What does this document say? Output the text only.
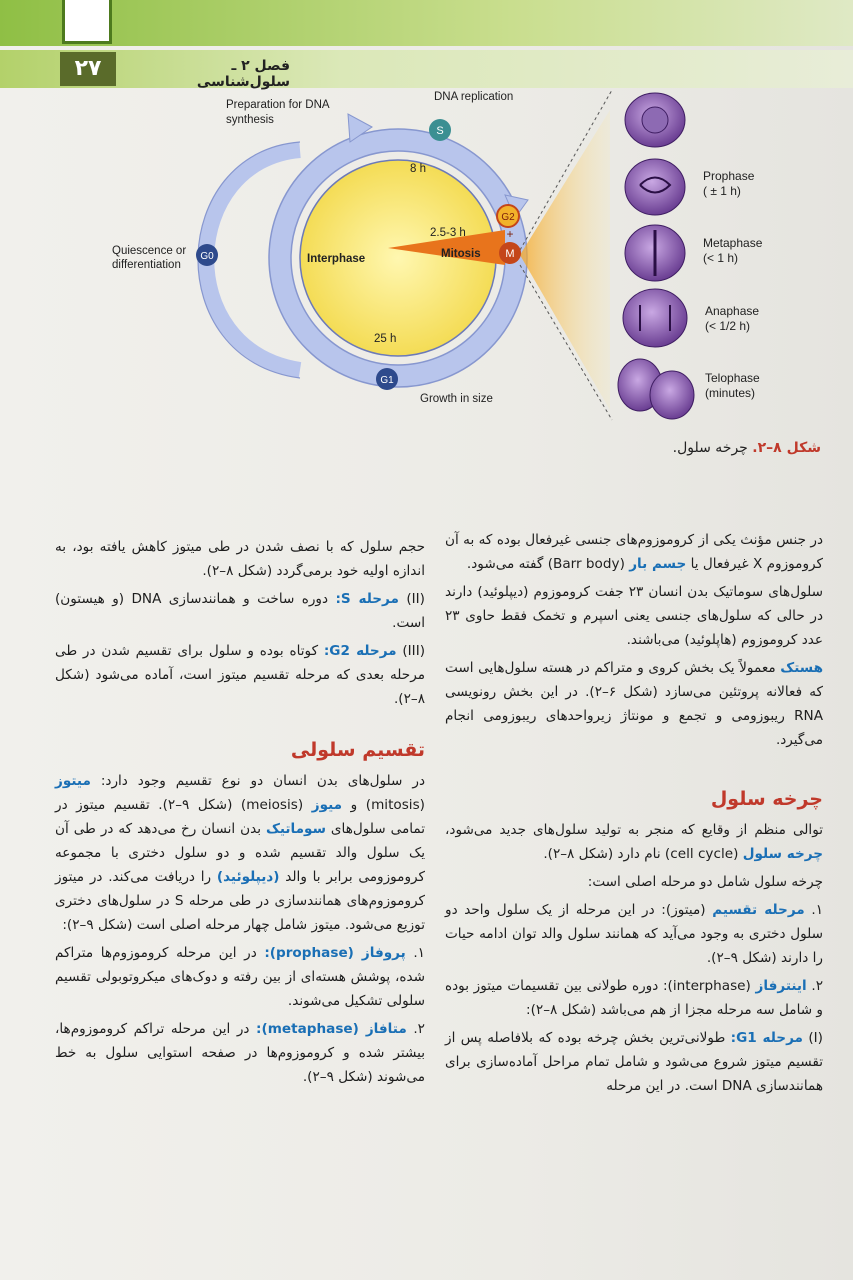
۲۷	فصل ۲ ـ سلول‌شناسی
S
G0
G1
G2
+
M
Preparation for DNA
synthesis
DNA replication
Quiescence or
differentiation
Growth in size
Interphase	Mitosis
8 h
2.5-3 h
25 h
Prophase
( ± 1 h)
Metaphase
(< 1 h)
Anaphase
(< 1/2 h)
Telophase
(minutes)
شکل ۸–۲. چرخه سلول.

در جنس مؤنث یکی از کروموزوم‌های جنسی غیرفعال بوده که به آن کروموزوم X غیرفعال یا جسم بار (Barr body) گفته می‌شود.

سلول‌های سوماتیک بدن انسان ۲۳ جفت کروموزوم (دیپلوئید) دارند در حالی که سلول‌های جنسی یعنی اسپرم و تخمک فقط حاوی ۲۳ عدد کروموزوم (هاپلوئید) می‌باشند.

هستک معمولاً یک بخش کروی و متراکم در هسته سلول‌هایی است که فعالانه پروتئین می‌سازد (شکل ۶–۲). در این بخش رونویسی RNA ریبوزومی و تجمع و مونتاژ زیرواحدهای ریبوزومی انجام می‌گیرد.

چرخه سلول

توالی منظم از وقایع که منجر به تولید سلول‌های جدید می‌شود، چرخه سلول (cell cycle) نام دارد (شکل ۸–۲).

چرخه سلول شامل دو مرحله اصلی است:

۱. مرحله تقسیم (میتوز): در این مرحله از یک سلول واحد دو سلول دختری به وجود می‌آید که همانند سلول والد توان ادامه حیات را دارند (شکل ۹–۲).

۲. اینترفاز (interphase): دوره طولانی بین تقسیمات میتوز بوده و شامل سه مرحله مجزا از هم می‌باشد (شکل ۸–۲):

(I) مرحله G1: طولانی‌ترین بخش چرخه بوده که بلافاصله پس از تقسیم میتوز شروع می‌شود و شامل تمام مراحل آماده‌سازی برای همانندسازی DNA است. در این مرحله

حجم سلول که با نصف شدن در طی میتوز کاهش یافته بود، به اندازه اولیه خود برمی‌گردد (شکل ۸–۲).

(II) مرحله S: دوره ساخت و همانندسازی DNA (و هیستون) است.

(III) مرحله G2: کوتاه بوده و سلول برای تقسیم شدن در طی مرحله بعدی که مرحله تقسیم میتوز است، آماده می‌شود (شکل ۸–۲).

تقسیم سلولی

در سلول‌های بدن انسان دو نوع تقسیم وجود دارد: میتوز (mitosis) و میوز (meiosis) (شکل ۹–۲). تقسیم میتوز در تمامی سلول‌های سوماتیک بدن انسان رخ می‌دهد که در طی آن یک سلول والد تقسیم شده و دو سلول دختری با مجموعه کروموزومی برابر با والد (دیپلوئید) را دریافت می‌کند. در میتوز کروموزوم‌های همانندسازی در طی مرحله S در سلول‌های دختری توزیع می‌شود. میتوز شامل چهار مرحله اصلی است (شکل ۹–۲):

۱. پروفاز (prophase): در این مرحله کروموزوم‌ها متراکم شده، پوشش هسته‌ای از بین رفته و دوک‌های میکروتوبولی تقسیم سلولی تشکیل می‌شوند.

۲. متافاز (metaphase): در این مرحله تراکم کروموزوم‌ها، بیشتر شده و کروموزوم‌ها در صفحه استوایی سلول به خط می‌شوند (شکل ۹–۲).
